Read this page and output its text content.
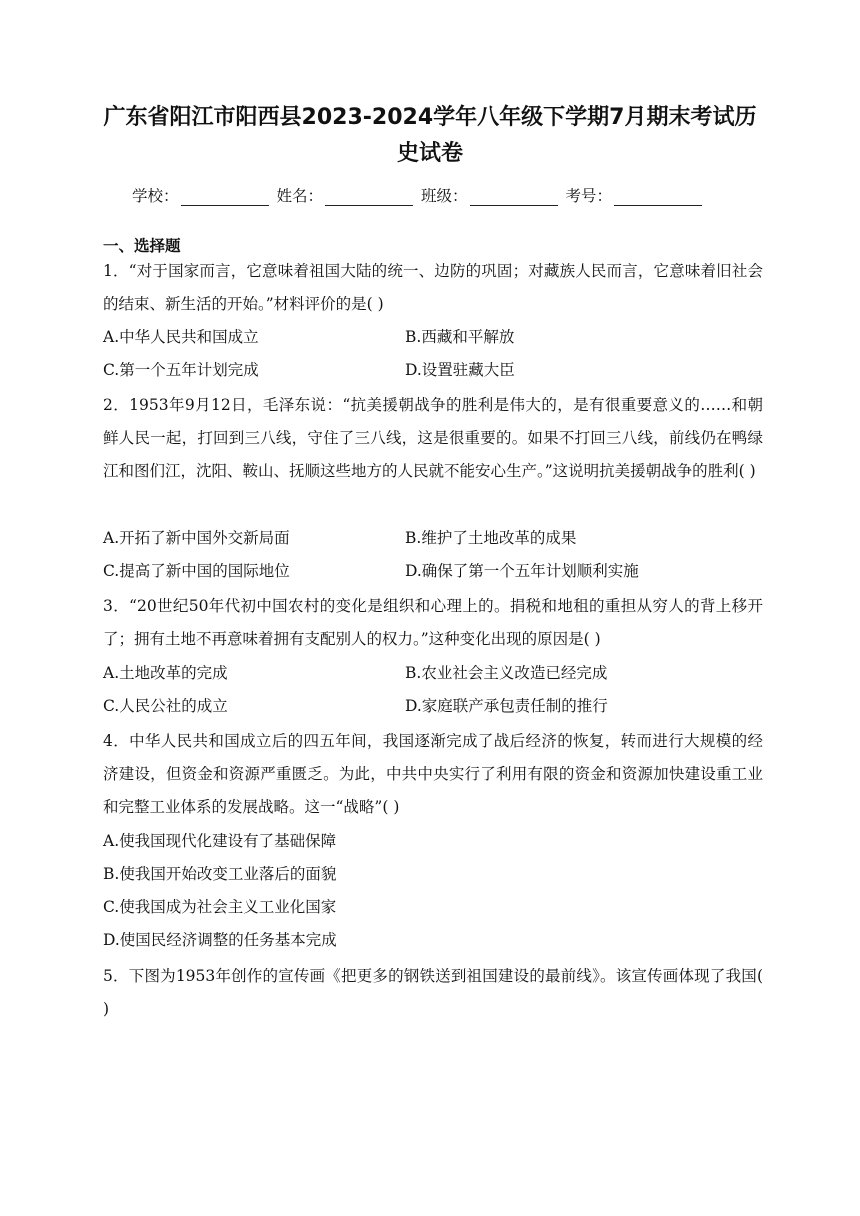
广东省阳江市阳西县2023-2024学年八年级下学期7月期末考试历史试卷
学校：	姓名：	班级：	考号：
一、选择题
1．“对于国家而言，它意味着祖国大陆的统一、边防的巩固；对藏族人民而言，它意味着旧社会的结束、新生活的开始。”材料评价的是( )
A.中华人民共和国成立	B.西藏和平解放
C.第一个五年计划完成	D.设置驻藏大臣
2．1953年9月12日，毛泽东说：“抗美援朝战争的胜利是伟大的，是有很重要意义的……和朝鲜人民一起，打回到三八线，守住了三八线，这是很重要的。如果不打回三八线，前线仍在鸭绿江和图们江，沈阳、鞍山、抚顺这些地方的人民就不能安心生产。”这说明抗美援朝战争的胜利( )
A.开拓了新中国外交新局面	B.维护了土地改革的成果
C.提高了新中国的国际地位	D.确保了第一个五年计划顺利实施
3．“20世纪50年代初中国农村的变化是组织和心理上的。捐税和地租的重担从穷人的背上移开了；拥有土地不再意味着拥有支配别人的权力。”这种变化出现的原因是( )
A.土地改革的完成	B.农业社会主义改造已经完成
C.人民公社的成立	D.家庭联产承包责任制的推行
4．中华人民共和国成立后的四五年间，我国逐渐完成了战后经济的恢复，转而进行大规模的经济建设，但资金和资源严重匮乏。为此，中共中央实行了利用有限的资金和资源加快建设重工业和完整工业体系的发展战略。这一“战略”( )
A.使我国现代化建设有了基础保障
B.使我国开始改变工业落后的面貌
C.使我国成为社会主义工业化国家
D.使国民经济调整的任务基本完成
5．下图为1953年创作的宣传画《把更多的钢铁送到祖国建设的最前线》。该宣传画体现了我国( )
